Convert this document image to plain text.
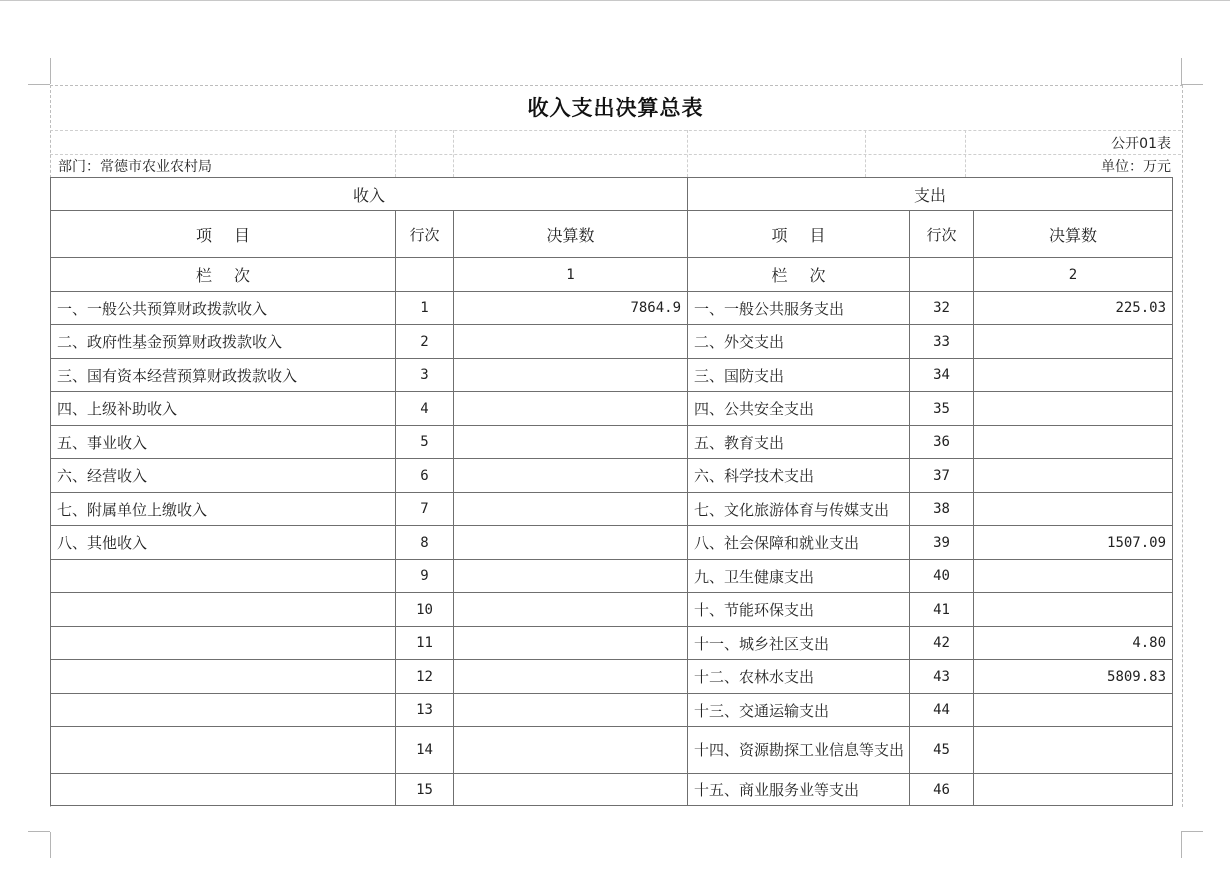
收入支出决算总表
公开01表
部门：常德市农业农村局	单位：万元
收入			支出		
项目	行次	决算数	项目	行次	决算数
栏次		1	栏次		2
一、一般公共预算财政拨款收入	1	7864.9	一、一般公共服务支出	32	225.03
二、政府性基金预算财政拨款收入	2		二、外交支出	33	
三、国有资本经营预算财政拨款收入	3		三、国防支出	34	
四、上级补助收入	4		四、公共安全支出	35	
五、事业收入	5		五、教育支出	36	
六、经营收入	6		六、科学技术支出	37	
七、附属单位上缴收入	7		七、文化旅游体育与传媒支出	38	
八、其他收入	8		八、社会保障和就业支出	39	1507.09
	9		九、卫生健康支出	40	
	10		十、节能环保支出	41	
	11		十一、城乡社区支出	42	4.80
	12		十二、农林水支出	43	5809.83
	13		十三、交通运输支出	44	
	14		十四、资源勘探工业信息等支出	45	
	15		十五、商业服务业等支出	46	
